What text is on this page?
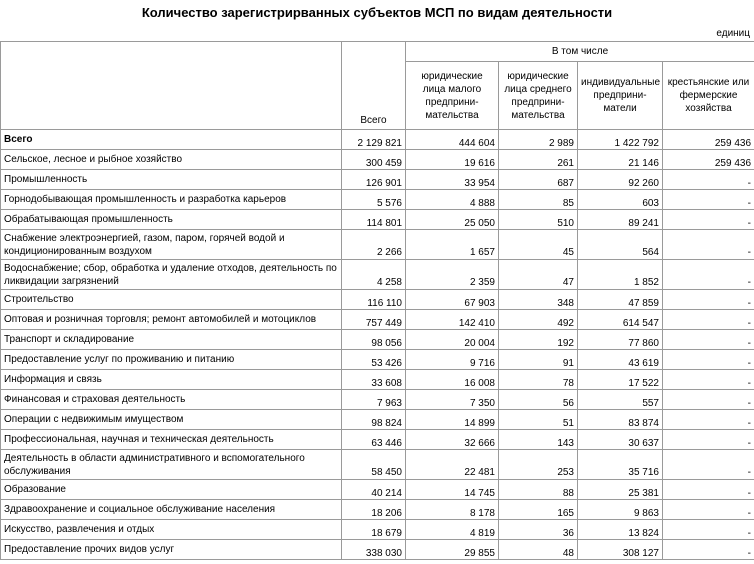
Количество зарегистрирванных субъектов МСП по видам деятельности
единиц
	Всего	В том числе			
		юридические лица малого предприни-мательства	юридические лица среднего предприни-мательства	индивидуальные предприни-матели	крестьянские или фермерские хозяйства
Всего	2 129 821	444 604	2 989	1 422 792	259 436
Сельское, лесное и рыбное хозяйство	300 459	19 616	261	21 146	259 436
Промышленность	126 901	33 954	687	92 260	-
Горнодобывающая промышленность и разработка карьеров	5 576	4 888	85	603	-
Обрабатывающая промышленность	114 801	25 050	510	89 241	-
Снабжение электроэнергией, газом, паром, горячей водой и кондиционированным воздухом	2 266	1 657	45	564	-
Водоснабжение; сбор, обработка и удаление отходов, деятельность по ликвидации загрязнений	4 258	2 359	47	1 852	-
Строительство	116 110	67 903	348	47 859	-
Оптовая и розничная торговля; ремонт автомобилей и мотоциклов	757 449	142 410	492	614 547	-
Транспорт и складирование	98 056	20 004	192	77 860	-
Предоставление услуг по проживанию и питанию	53 426	9 716	91	43 619	-
Информация и связь	33 608	16 008	78	17 522	-
Финансовая и страховая деятельность	7 963	7 350	56	557	-
Операции с недвижимым имуществом	98 824	14 899	51	83 874	-
Профессиональная, научная и техническая деятельность	63 446	32 666	143	30 637	-
Деятельность в области административного и вспомогательного обслуживания	58 450	22 481	253	35 716	-
Образование	40 214	14 745	88	25 381	-
Здравоохранение и социальное обслуживание населения	18 206	8 178	165	9 863	-
Искусство, развлечения и отдых	18 679	4 819	36	13 824	-
Предоставление прочих видов услуг	338 030	29 855	48	308 127	-
